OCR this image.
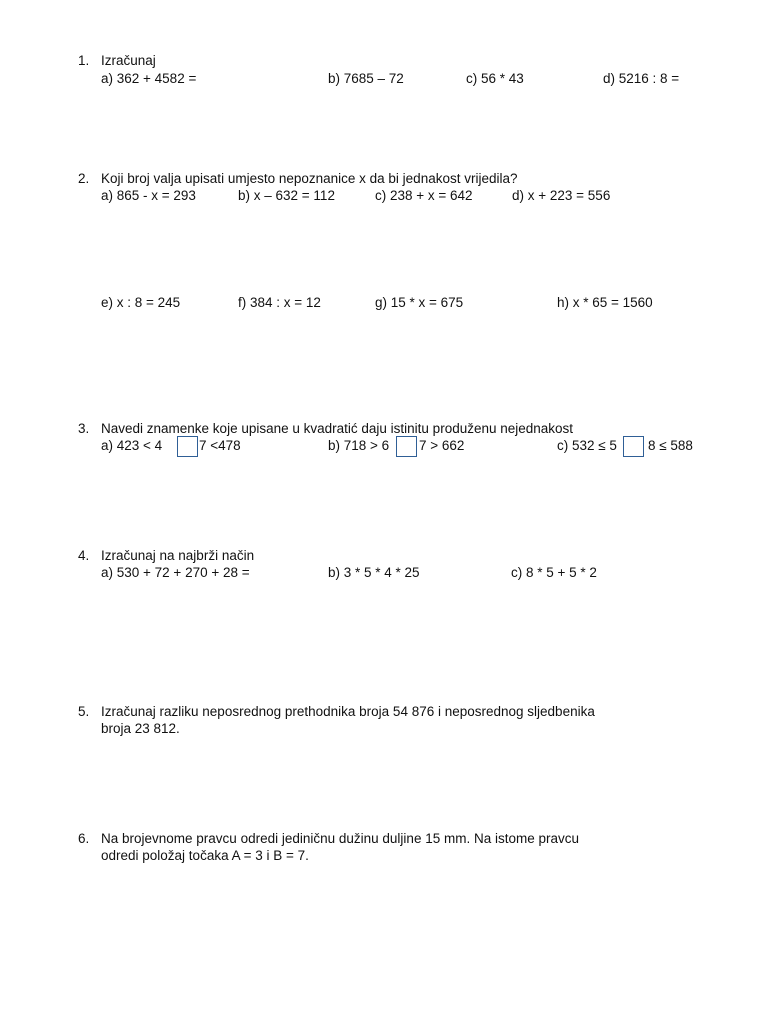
1. Izračunaj
a) 362 + 4582 =	b) 7685 – 72	c) 56 * 43	d) 5216 : 8 =
2. Koji broj valja upisati umjesto nepoznanice x da bi jednakost vrijedila?
a) 865 - x = 293	b) x – 632 = 112	c) 238 + x = 642	d) x + 223 = 556
e) x : 8 = 245	f) 384 : x = 12	g) 15 * x = 675	h) x * 65 = 1560
3. Navedi znamenke koje upisane u kvadratić daju istinitu produženu nejednakost
a) 423 < 4	7 <478	b) 718 > 6 7 > 662	c) 532 ≤ 5 8 ≤ 588
4. Izračunaj na najbrži način
a) 530 + 72 + 270 + 28 =	b) 3 * 5 * 4 * 25	c) 8 * 5 + 5 * 2
5. Izračunaj razliku neposrednog prethodnika broja 54 876 i neposrednog sljedbenika
broja 23 812.
6. Na brojevnome pravcu odredi jediničnu dužinu duljine 15 mm. Na istome pravcu
odredi položaj točaka A = 3 i B = 7.
